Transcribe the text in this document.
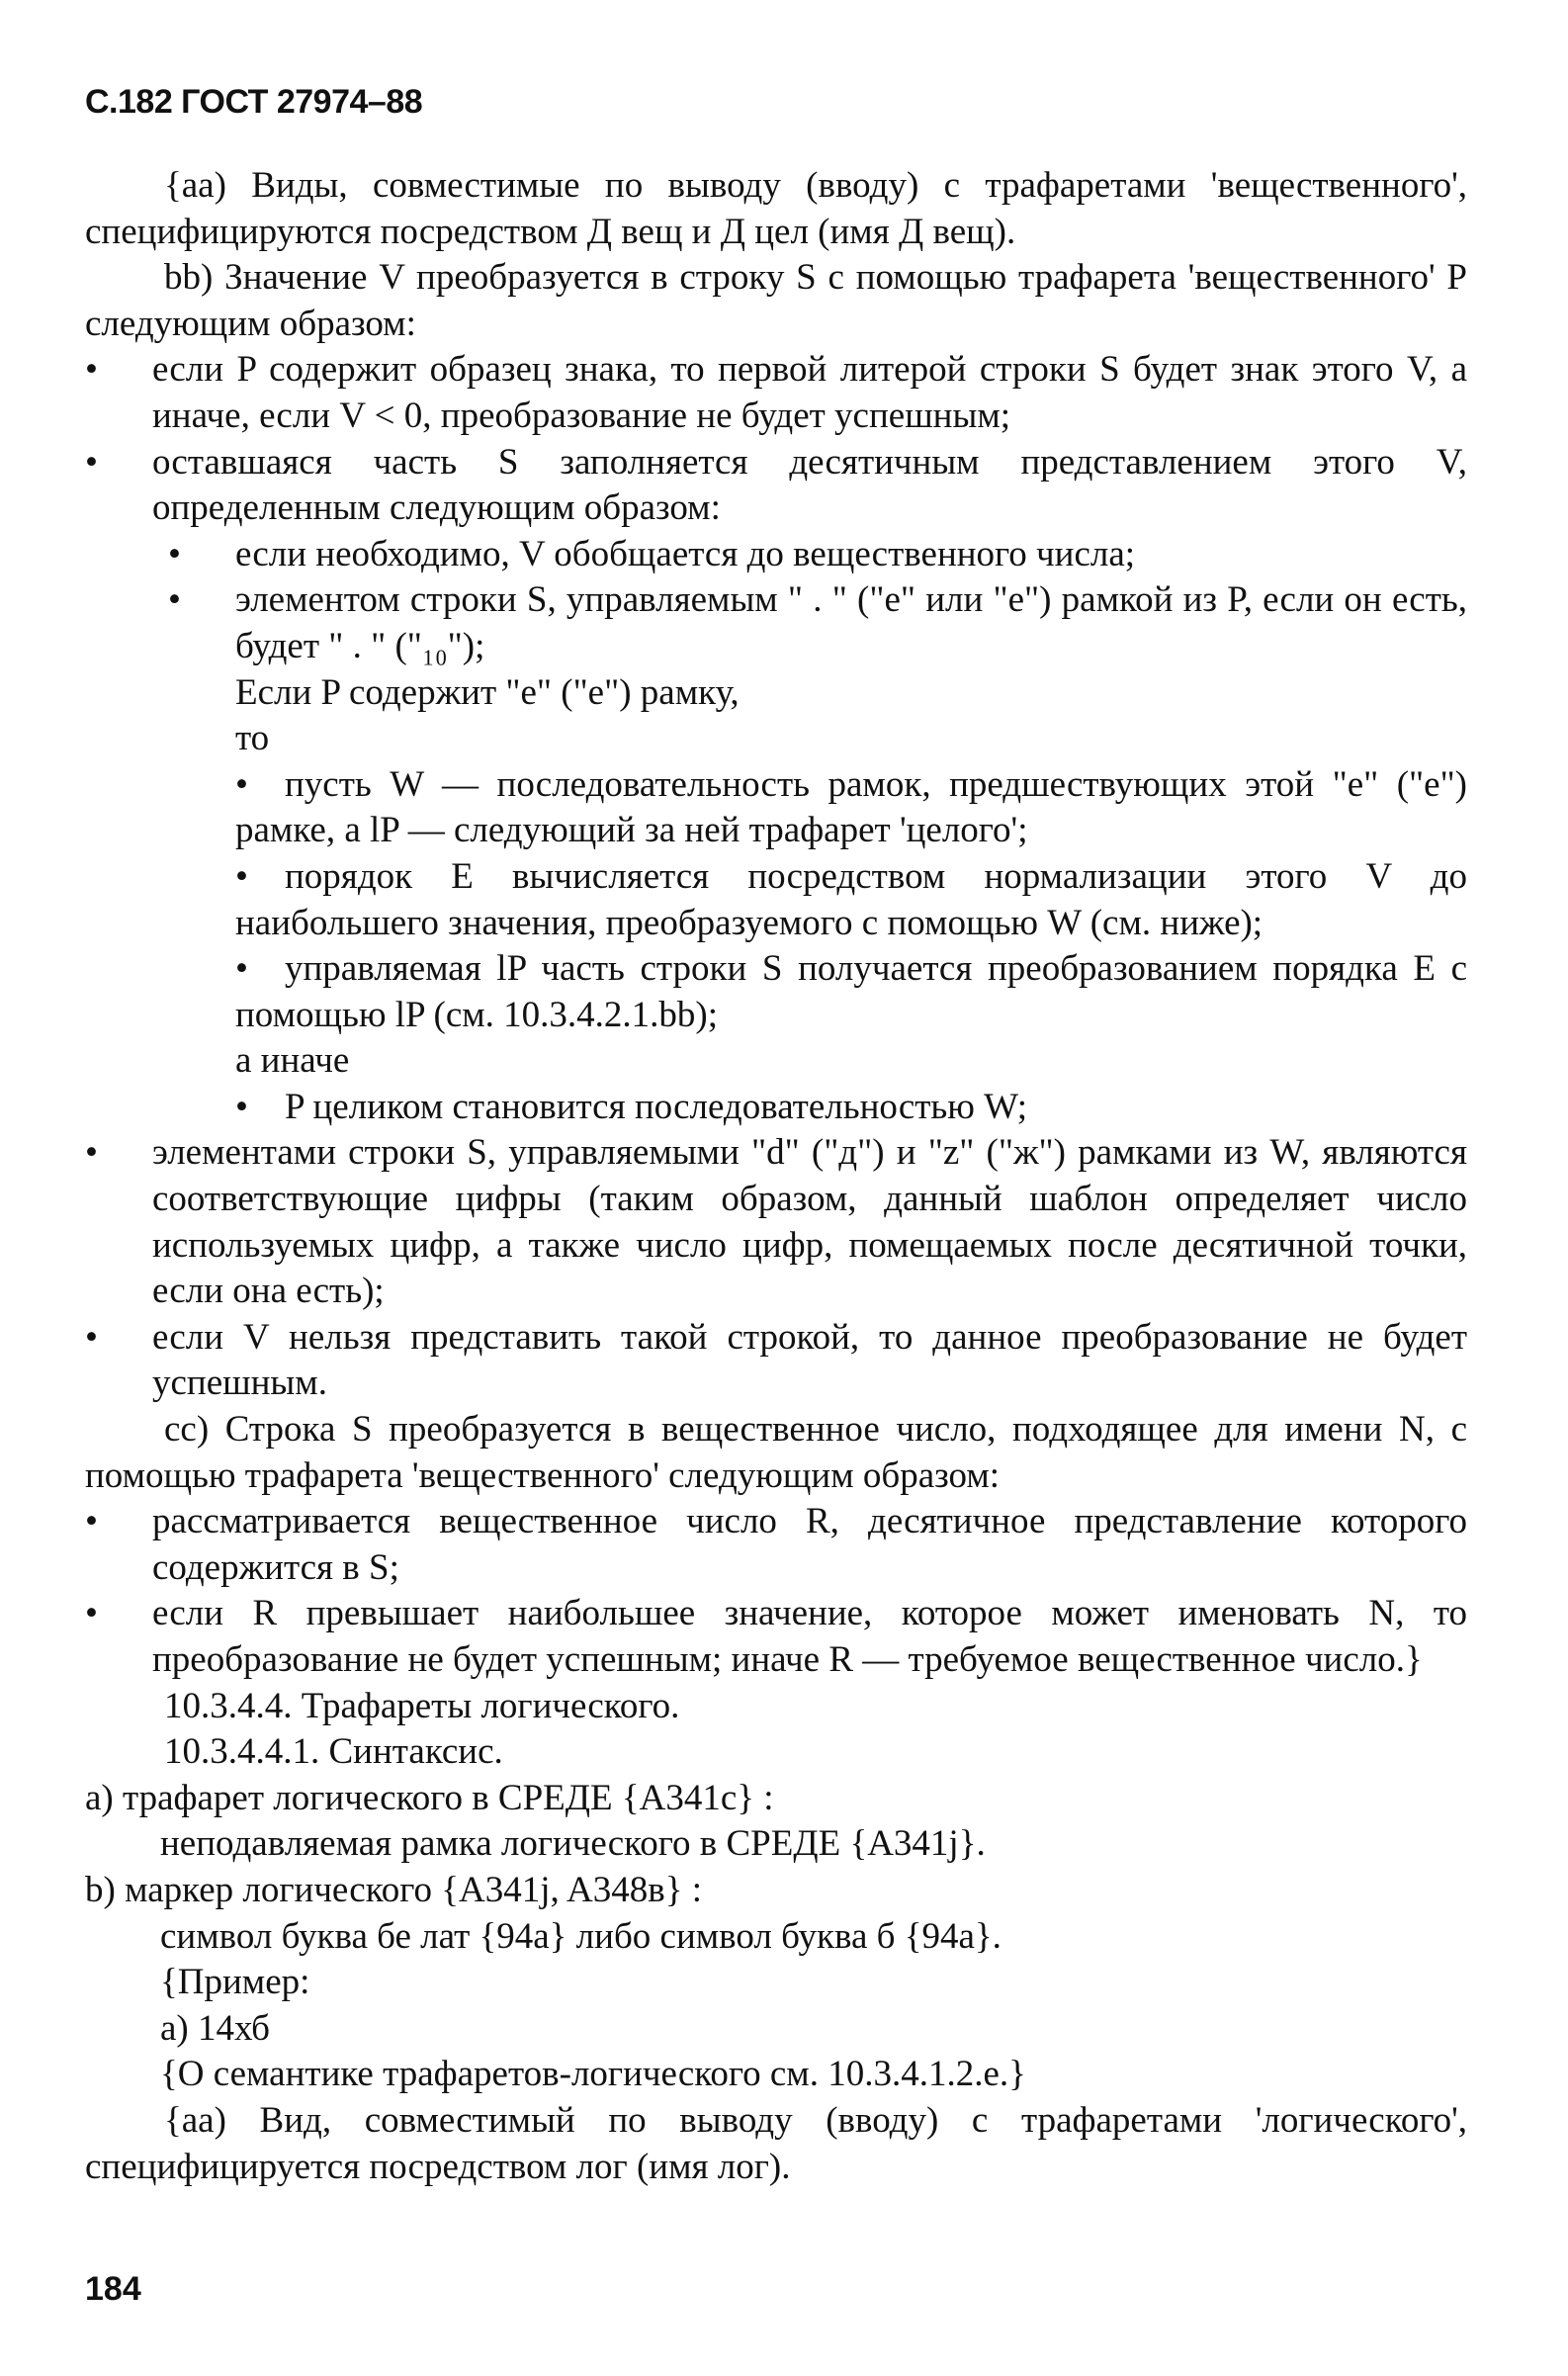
С.182 ГОСТ 27974–88

{aa) Виды, совместимые по выводу (вводу) с трафаретами 'вещественного', специфицируются посредством Д вещ и Д цел (имя Д вещ).

bb) Значение V преобразуется в строку S с помощью трафарета 'вещественного' P следующим образом:

• если P содержит образец знака, то первой литерой строки S будет знак этого V, а иначе, если V < 0, преобразование не будет успешным;

• оставшаяся часть S заполняется десятичным представлением этого V, определенным следующим образом:

• если необходимо, V обобщается до вещественного числа;

• элементом строки S, управляемым " . " ("е" или "е") рамкой из P, если он есть, будет " . " ("₁₀");

Если P содержит "е" ("е") рамку,

то

• пусть W — последовательность рамок, предшествующих этой "е" ("е") рамке, а lP — следующий за ней трафарет 'целого';

• порядок E вычисляется посредством нормализации этого V до наибольшего значения, преобразуемого с помощью W (см. ниже);

• управляемая lP часть строки S получается преобразованием порядка E с помощью lP (см. 10.3.4.2.1.bb);

а иначе

• P целиком становится последовательностью W;

• элементами строки S, управляемыми "d" ("д") и "z" ("ж") рамками из W, являются соответствующие цифры (таким образом, данный шаблон определяет число используемых цифр, а также число цифр, помещаемых после десятичной точки, если она есть);

• если V нельзя представить такой строкой, то данное преобразование не будет успешным.

cc) Строка S преобразуется в вещественное число, подходящее для имени N, с помощью трафарета 'вещественного' следующим образом:

• рассматривается вещественное число R, десятичное представление которого содержится в S;

• если R превышает наибольшее значение, которое может именовать N, то преобразование не будет успешным; иначе R — требуемое вещественное число.}

10.3.4.4. Трафареты логического.

10.3.4.4.1. Синтаксис.

a) трафарет логического в СРЕДЕ {A341c} :

неподавляемая рамка логического в СРЕДЕ {A341j}.

b) маркер логического {A341j, A348в} :

символ буква бе лат {94a} либо символ буква б {94a}.

{Пример:

a) 14хб

{О семантике трафаретов-логического см. 10.3.4.1.2.e.}

{aa) Вид, совместимый по выводу (вводу) с трафаретами 'логического', специфицируется посредством лог (имя лог).

184
